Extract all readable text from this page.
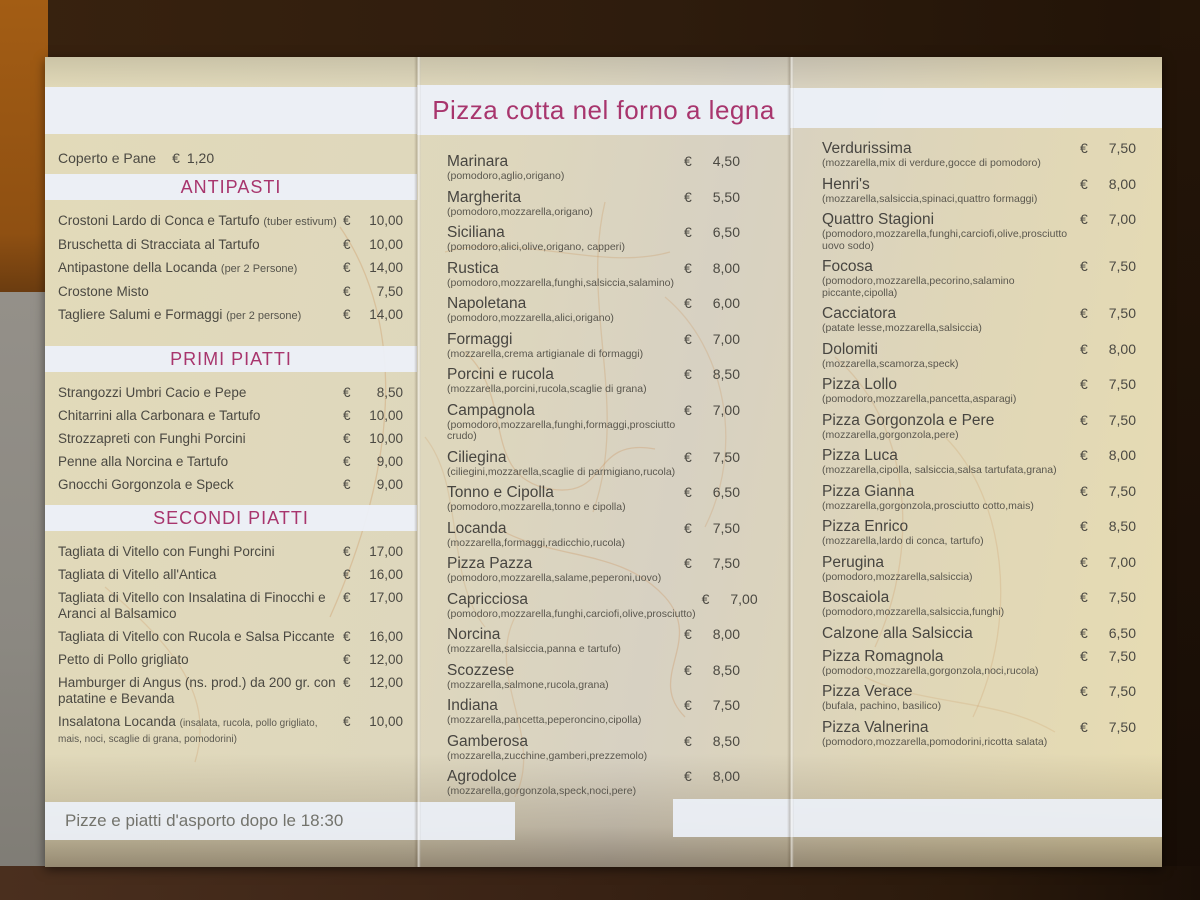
Coperto e Pane € 1,20
ANTIPASTI
Crostoni Lardo di Conca e Tartufo (tuber estivum) € 10,00
Bruschetta di Stracciata al Tartufo	€ 10,00
Antipastone della Locanda (per 2 Persone)	€ 14,00
Crostone Misto	€ 7,50
Tagliere Salumi e Formaggi (per 2 persone)	€ 14,00
PRIMI PIATTI
Strangozzi Umbri Cacio e Pepe	€ 8,50
Chitarrini alla Carbonara e Tartufo	€ 10,00
Strozzapreti con Funghi Porcini	€ 10,00
Penne alla Norcina e Tartufo	€ 9,00
Gnocchi Gorgonzola e Speck	€ 9,00
SECONDI PIATTI
Tagliata di Vitello con Funghi Porcini	€ 17,00
Tagliata di Vitello all'Antica	€ 16,00
Tagliata di Vitello con Insalatina di Finocchi e Aranci al Balsamico
€ 17,00
Tagliata di Vitello con Rucola e Salsa Piccante € 16,00
Petto di Pollo grigliato	€ 12,00
Hamburger di Angus (ns. prod.) da 200 gr. con patatine e Bevanda
€ 12,00
Insalatona Locanda (insalata, rucola, pollo grigliato, mais, noci, scaglie di grana, pomodorini)
€ 10,00
Pizza cotta nel forno a legna
Marinara
(pomodoro,aglio,origano)
€ 4,50
Margherita
(pomodoro,mozzarella,origano)
€ 5,50
Siciliana
(pomodoro,alici,olive,origano, capperi)
€ 6,50
Rustica
(pomodoro,mozzarella,funghi,salsiccia,salamino)
€ 8,00
Napoletana
(pomodoro,mozzarella,alici,origano)
€ 6,00
Formaggi
(mozzarella,crema artigianale di formaggi)
€ 7,00
Porcini e rucola
(mozzarella,porcini,rucola,scaglie di grana)
€ 8,50
Campagnola
(pomodoro,mozzarella,funghi,formaggi,prosciutto crudo)
€ 7,00
Ciliegina
(ciliegini,mozzarella,scaglie di parmigiano,rucola)
€ 7,50
Tonno e Cipolla
(pomodoro,mozzarella,tonno e cipolla)
€ 6,50
Locanda
(mozzarella,formaggi,radicchio,rucola)
€ 7,50
Pizza Pazza
(pomodoro,mozzarella,salame,peperoni,uovo)
€ 7,50
Capricciosa
(pomodoro,mozzarella,funghi,carciofi,olive,prosciutto)
€ 7,00
Norcina
(mozzarella,salsiccia,panna e tartufo)
€ 8,00
Scozzese
(mozzarella,salmone,rucola,grana)
€ 8,50
Indiana
(mozzarella,pancetta,peperoncino,cipolla)
€ 7,50
Gamberosa
(mozzarella,zucchine,gamberi,prezzemolo)
€ 8,50
Agrodolce
(mozzarella,gorgonzola,speck,noci,pere)
€ 8,00
Verdurissima
(mozzarella,mix di verdure,gocce di pomodoro)
€ 7,50
Henri's
(mozzarella,salsiccia,spinaci,quattro formaggi)
€ 8,00
Quattro Stagioni
(pomodoro,mozzarella,funghi,carciofi,olive,prosciutto uovo sodo)
€ 7,00
Focosa
(pomodoro,mozzarella,pecorino,salamino piccante,cipolla)
€ 7,50
Cacciatora
(patate lesse,mozzarella,salsiccia)
€ 7,50
Dolomiti
(mozzarella,scamorza,speck)
€ 8,00
Pizza Lollo
(pomodoro,mozzarella,pancetta,asparagi)
€ 7,50
Pizza Gorgonzola e Pere
(mozzarella,gorgonzola,pere)
€ 7,50
Pizza Luca
(mozzarella,cipolla, salsiccia,salsa tartufata,grana)
€ 8,00
Pizza Gianna
(mozzarella,gorgonzola,prosciutto cotto,mais)
€ 7,50
Pizza Enrico
(mozzarella,lardo di conca, tartufo)
€ 8,50
Perugina
(pomodoro,mozzarella,salsiccia)
€ 7,00
Boscaiola
(pomodoro,mozzarella,salsiccia,funghi)
€ 7,50
Calzone alla Salsiccia	€ 6,50
Pizza Romagnola
(pomodoro,mozzarella,gorgonzola,noci,rucola)
€ 7,50
Pizza Verace
(bufala, pachino, basilico)
€ 7,50
Pizza Valnerina
(pomodoro,mozzarella,pomodorini,ricotta salata)
€ 7,50
Pizze e piatti d'asporto dopo le 18:30
